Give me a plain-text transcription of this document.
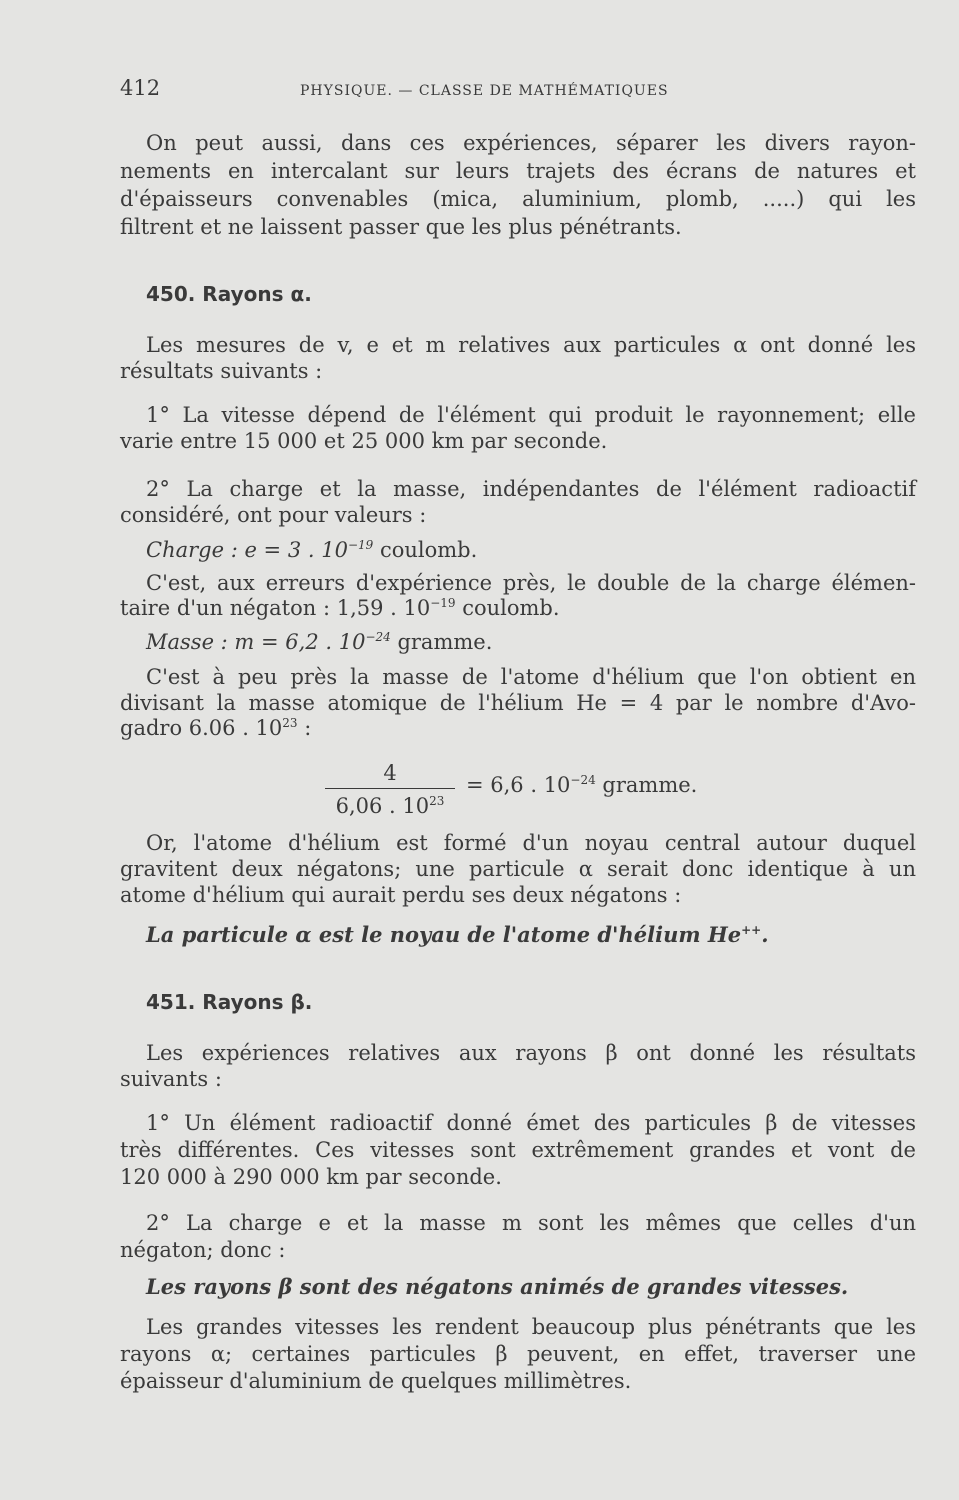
412	PHYSIQUE. — CLASSE DE MATHÉMATIQUES
On peut aussi, dans ces expériences, séparer les divers rayon-
nements en intercalant sur leurs trajets des écrans de natures et
d'épaisseurs convenables (mica, aluminium, plomb, .....) qui les
filtrent et ne laissent passer que les plus pénétrants.
450. Rayons α.
Les mesures de v, e et m relatives aux particules α ont donné les
résultats suivants :
1° La vitesse dépend de l'élément qui produit le rayonnement; elle
varie entre 15 000 et 25 000 km par seconde.
2° La charge et la masse, indépendantes de l'élément radioactif
considéré, ont pour valeurs :
Charge : e = 3 . $10^{-19}$ coulomb.
C'est, aux erreurs d'expérience près, le double de la charge élémen-
taire d'un négaton : 1,59 . $10^{-19}$ coulomb.
Masse : m = 6,2 . $10^{-24}$ gramme.
C'est à peu près la masse de l'atome d'hélium que l'on obtient en
divisant la masse atomique de l'hélium He = 4 par le nombre d'Avo-
gadro 6.06 . $10^{23}$ :
4
6,06 . $10^{23}$
= 6,6 . $10^{-24}$ gramme.
Or, l'atome d'hélium est formé d'un noyau central autour duquel
gravitent deux négatons; une particule α serait donc identique à un
atome d'hélium qui aurait perdu ses deux négatons :
La particule α est le noyau de l'atome d'hélium He++.
451. Rayons β.
Les expériences relatives aux rayons β ont donné les résultats
suivants :
1° Un élément radioactif donné émet des particules β de vitesses
très différentes. Ces vitesses sont extrêmement grandes et vont de
120 000 à 290 000 km par seconde.
2° La charge e et la masse m sont les mêmes que celles d'un
négaton; donc :
Les rayons β sont des négatons animés de grandes vitesses.
Les grandes vitesses les rendent beaucoup plus pénétrants que les
rayons α; certaines particules β peuvent, en effet, traverser une
épaisseur d'aluminium de quelques millimètres.
